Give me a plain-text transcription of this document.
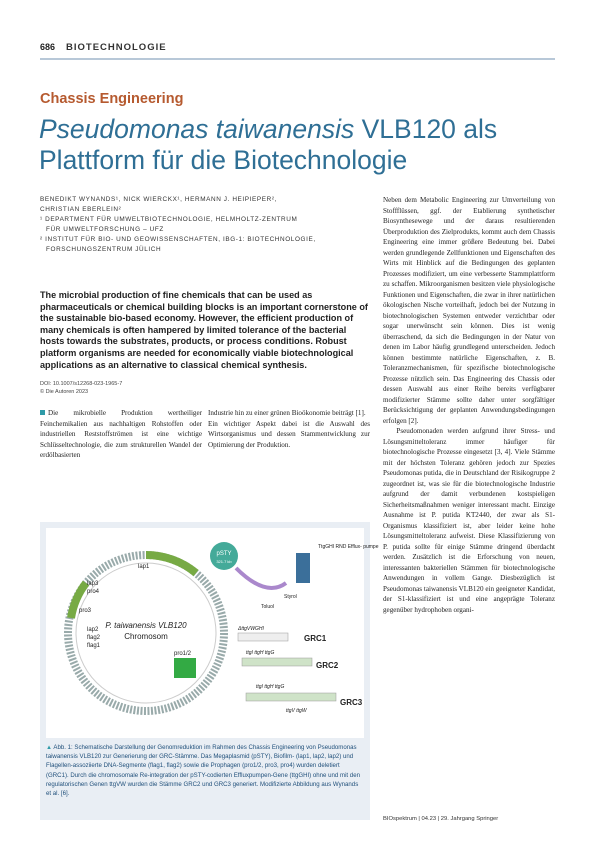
686 BIOTECHNOLOGIE
Chassis Engineering
Pseudomonas taiwanensis VLB120 als
Plattform für die Biotechnologie
BENEDIKT WYNANDS¹, NICK WIERCKX¹, HERMANN J. HEIPIEPER²,
CHRISTIAN EBERLEIN²
¹ DEPARTMENT FÜR UMWELTBIOTECHNOLOGIE, HELMHOLTZ-ZENTRUM
FÜR UMWELTFORSCHUNG – UFZ
² INSTITUT FÜR BIO- UND GEOWISSENSCHAFTEN, IBG-1: BIOTECHNOLOGIE,
FORSCHUNGSZENTRUM JÜLICH
The microbial production of fine chemicals that can be used as pharmaceuticals or chemical building blocks is an important cornerstone of the sustainable bio-based economy. However, the efficient production of many chemicals is often hampered by limited tolerance of the bacterial hosts towards the substrates, products, or process conditions. Robust platform organisms are needed for economically viable biotechnological applications as an alternative to classical chemical synthesis.
DOI: 10.1007/s12268-023-1965-7
© Die Autoren 2023
Die mikrobielle Produktion wertheiliger Feinchemikalien aus nachhaltigen Rohstoffen oder industriellen Reststoffströmen ist eine wichtige Schlüsseltechnologie, die zum strukturellen Wandel der erdölbasierten
Industrie hin zu einer grünen Bioökonomie beiträgt [1].
Ein wichtiger Aspekt dabei ist die Auswahl des Wirtsorganismus und dessen Stammentwicklung zur Optimierung der Produktion.
Neben dem Metabolic Engineering zur Umverteilung von Stoffflüssen, ggf. der Etablierung synthetischer Biosynthesewege und der daraus resultierenden Überproduktion des Zielprodukts, kommt auch dem Chassis Engineering eine immer größere Bedeutung bei. Dabei werden grundlegende Zellfunktionen und Eigenschaften des Wirts mit Hinblick auf die Bedingungen des geplanten Prozesses modifiziert, um eine verbesserte Stammplattform zu schaffen. Mikroorganismen besitzen viele physiologische Funktionen und Eigenschaften, die zwar in ihrer natürlichen ökologischen Nische vorteilhaft, jedoch bei der Nutzung in biotechnologischen Systemen entweder verzichtbar oder sogar unerwünscht sein können. Dies ist wenig überraschend, da sich die Bedingungen in der Natur von denen im Labor häufig grundlegend unterscheiden. Jedoch können bestimmte natürliche Eigenschaften, z. B. Toleranzmechanismen, für spezifische biotechnologische Prozesse nützlich sein. Das Engineering des Chassis oder dessen Auswahl aus einer Reihe bereits verfügbarer modifizierter Stämme sollte daher unter sorgfältiger Berücksichtigung der geplanten Anwendungsbedingungen erfolgen [2].
Pseudomonaden werden aufgrund ihrer Stress- und Lösungsmitteltoleranz immer häufiger für biotechnologische Prozesse eingesetzt [3, 4]. Viele Stämme mit der höchsten Toleranz gehören jedoch zur Spezies Pseudomonas putida, die in Deutschland der Risikogruppe 2 zugeordnet ist, was sie für die biotechnologische Industrie aufgrund der damit verbundenen kostspieligen Sicherheitsmaßnahmen weniger interessant macht. Einzige Ausnahme ist P. putida KT2440, der zwar als S1-Organismus klassifiziert ist, aber leider keine hohe Lösungsmitteltoleranz aufweist. Diese Klassifizierung von P. putida sollte für einige Stämme dringend überdacht werden. Zusätzlich ist die Erforschung von neuen, interessanten bakteriellen Stämmen für biotechnologische Anwendungen in vollem Gange. Diesbezüglich ist Pseudomonas taiwanensis VLB120 ein geeigneter Kandidat, der S1-klassifiziert ist und eine angeprägte Toleranz gegenüber hydrophoben organi-
P. taiwanensis VLB120
Chromosom
pSTY
321.7 kb
TtgGHI RND Efflux- pumpe
Styrol
Toluol
lap1
lap3
pro4
pro3
lap2
flag2
flag1
pro1/2
ΔttgVWGHI
GRC1
ttgI ttgH ttgG
GRC2
ttgI ttgH ttgG
GRC3
ttgV ttgW
▲ Abb. 1: Schematische Darstellung der Genomreduktion im Rahmen des Chassis Engineering von Pseudomonas taiwanensis VLB120 zur Generierung der GRC-Stämme. Das Megaplasmid (pSTY), Biofilm- (lap1, lap2, lap2) und Flagellen-assoziierte DNA-Segmente (flag1, flag2) sowie die Prophagen (pro1/2, pro3, pro4) wurden deletiert (GRC1). Durch die chromosomale Re-integration der pSTY-codierten Effluxpumpen-Gene (ttgGHI) ohne und mit den regulatorischen Genen ttgVW wurden die Stämme GRC2 und GRC3 generiert. Modifizierte Abbildung aus Wynands et al. [6].
BIOspektrum | 04.23 | 29. Jahrgang Springer
